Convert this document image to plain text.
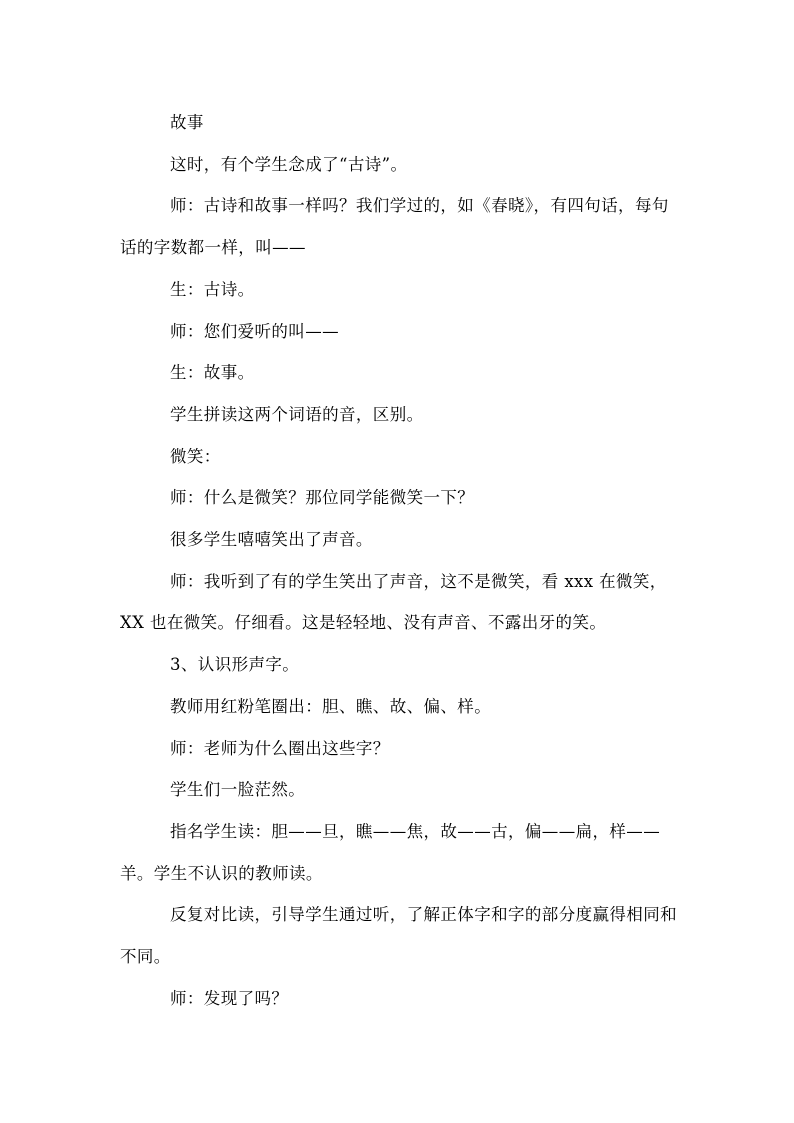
故事

这时，有个学生念成了“古诗”。

师：古诗和故事一样吗？我们学过的，如《春晓》，有四句话，每句话的字数都一样，叫——

生：古诗。

师：您们爱听的叫——

生：故事。

学生拼读这两个词语的音，区别。

微笑：

师：什么是微笑？那位同学能微笑一下？

很多学生嘻嘻笑出了声音。

师：我听到了有的学生笑出了声音，这不是微笑，看 xxx 在微笑，XX 也在微笑。仔细看。这是轻轻地、没有声音、不露出牙的笑。

3、认识形声字。

教师用红粉笔圈出：胆、瞧、故、偏、样。

师：老师为什么圈出这些字？

学生们一脸茫然。

指名学生读：胆——旦，瞧——焦，故——古，偏——扁，样——羊。学生不认识的教师读。

反复对比读，引导学生通过听，了解正体字和字的部分度赢得相同和不同。

师：发现了吗？
